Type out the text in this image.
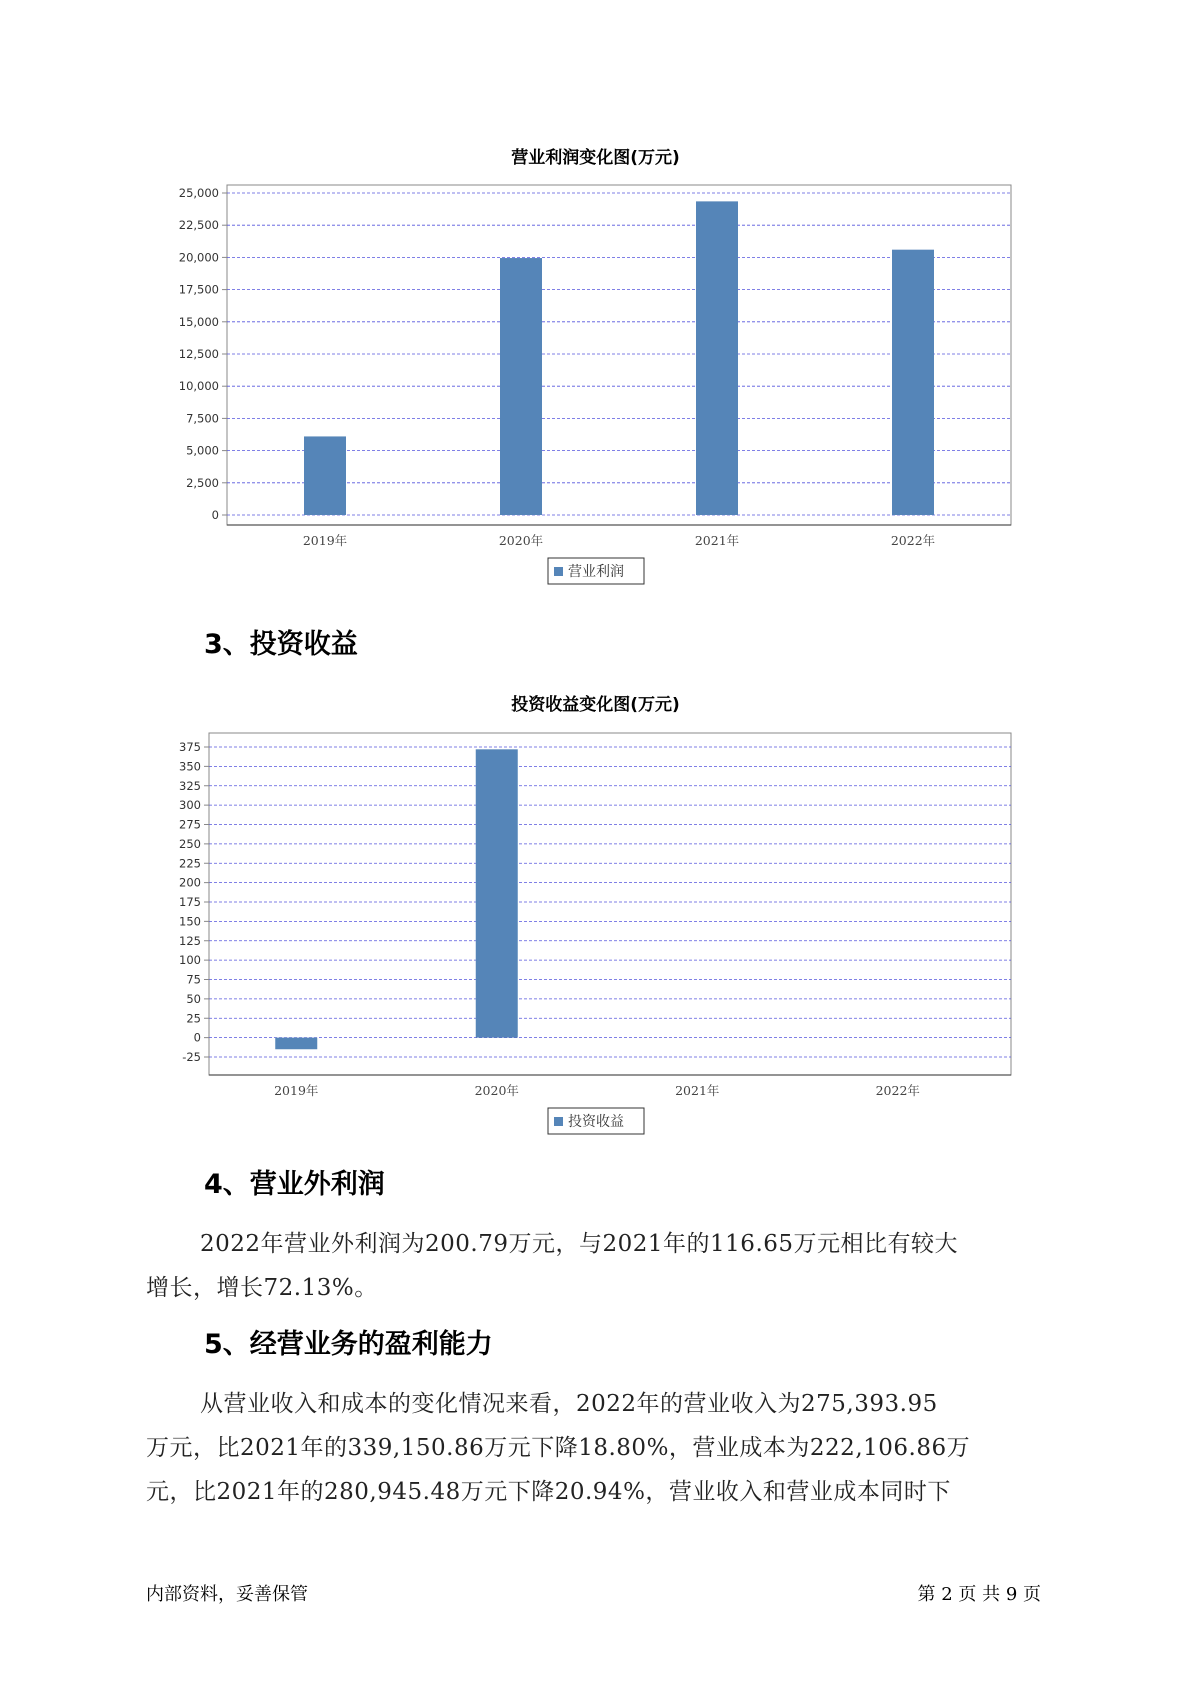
营业利润变化图(万元)
0
2,500
5,000
7,500
10,000
12,500
15,000
17,500
20,000
22,500
25,000
2019年	2020年	2021年	2022年
营业利润
3、投资收益
投资收益变化图(万元)
-25
0
25
50
75
100
125
150
175
200
225
250
275
300
325
350
375
2019年	2020年	2021年	2022年
投资收益
4、营业外利润

2022年营业外利润为200.79万元，与2021年的116.65万元相比有较大

增长，增长72.13%。

5、经营业务的盈利能力

从营业收入和成本的变化情况来看，2022年的营业收入为275,393.95

万元，比2021年的339,150.86万元下降18.80%，营业成本为222,106.86万

元，比2021年的280,945.48万元下降20.94%，营业收入和营业成本同时下

内部资料，妥善保管	第 2 页 共 9 页
